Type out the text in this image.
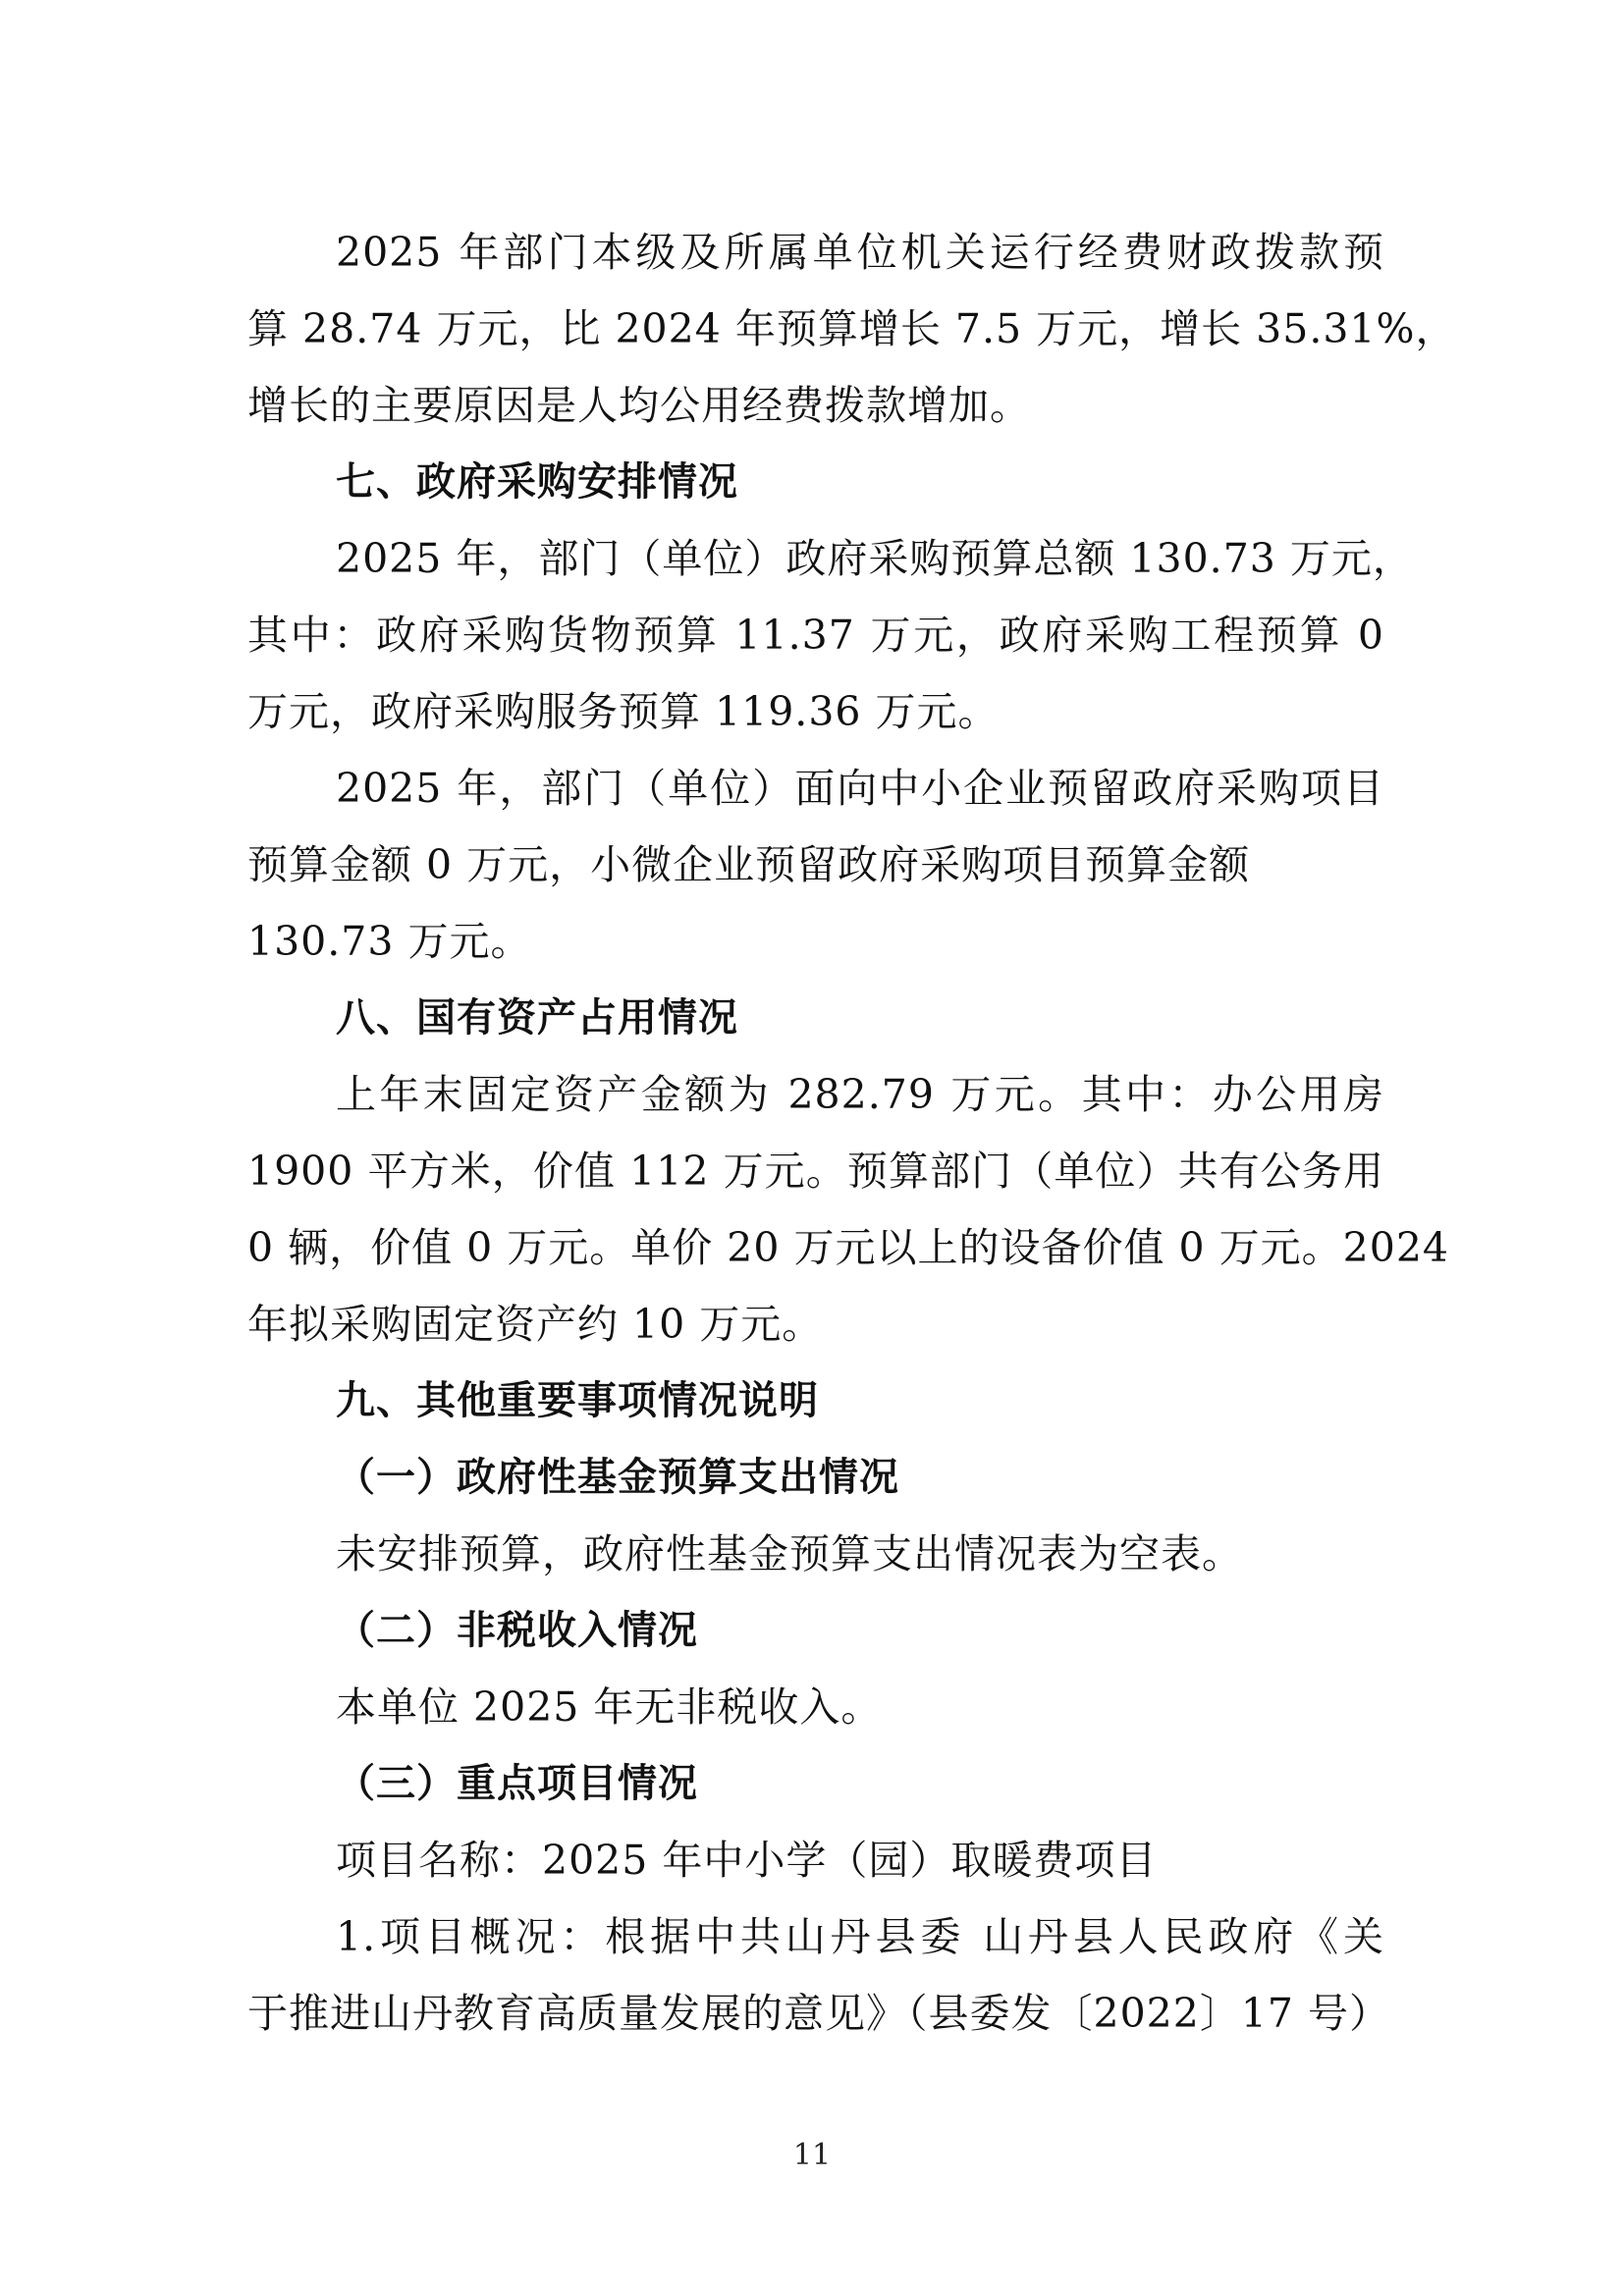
2025 年部门本级及所属单位机关运行经费财政拨款预
算 28.74 万元，比 2024 年预算增长 7.5 万元，增长 35.31%，
增长的主要原因是人均公用经费拨款增加。
七、政府采购安排情况
2025 年，部门（单位）政府采购预算总额 130.73 万元，
其中：政府采购货物预算 11.37 万元，政府采购工程预算 0
万元，政府采购服务预算 119.36 万元。
2025 年，部门（单位）面向中小企业预留政府采购项目
预算金额 0 万元，小微企业预留政府采购项目预算金额
130.73 万元。
八、国有资产占用情况
上年末固定资产金额为 282.79 万元。其中：办公用房
1900 平方米，价值 112 万元。预算部门（单位）共有公务用
0 辆，价值 0 万元。单价 20 万元以上的设备价值 0 万元。2024
年拟采购固定资产约 10 万元。
九、其他重要事项情况说明
（一）政府性基金预算支出情况
未安排预算，政府性基金预算支出情况表为空表。
（二）非税收入情况
本单位 2025 年无非税收入。
（三）重点项目情况
项目名称：2025 年中小学（园）取暖费项目
1.项目概况：根据中共山丹县委 山丹县人民政府《关
于推进山丹教育高质量发展的意见》（县委发〔2022〕17 号）
11
